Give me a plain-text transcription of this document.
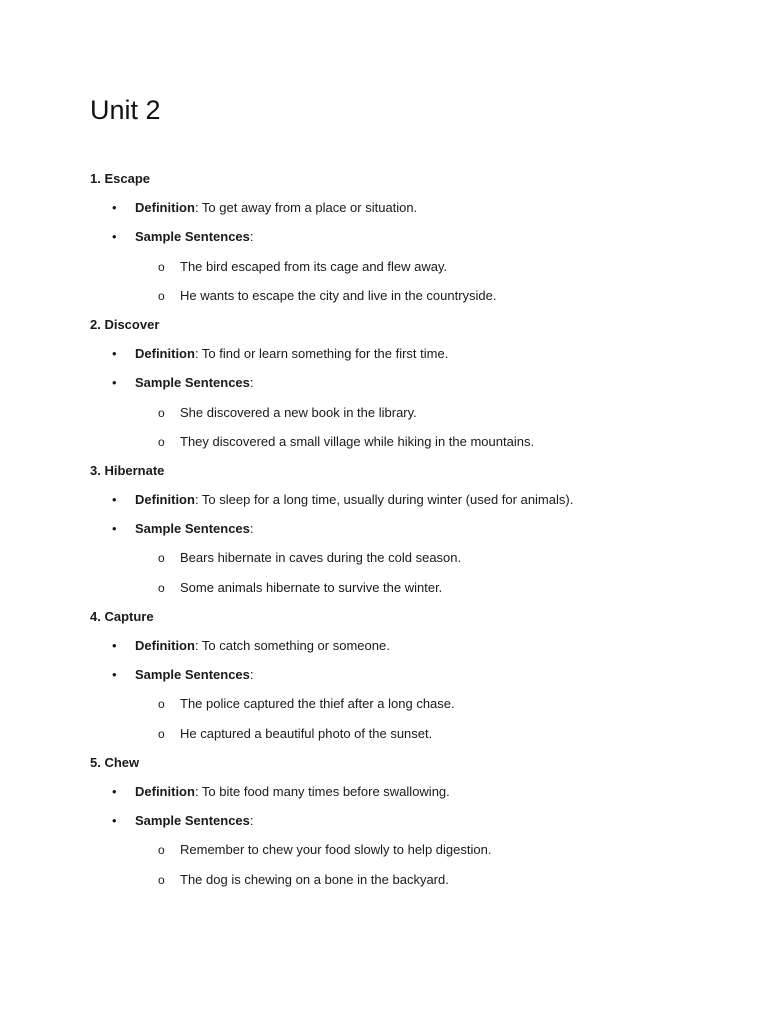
Unit 2
1. Escape
• Definition: To get away from a place or situation.
• Sample Sentences:
o The bird escaped from its cage and flew away.
o He wants to escape the city and live in the countryside.
2. Discover
• Definition: To find or learn something for the first time.
• Sample Sentences:
o She discovered a new book in the library.
o They discovered a small village while hiking in the mountains.
3. Hibernate
• Definition: To sleep for a long time, usually during winter (used for animals).
• Sample Sentences:
o Bears hibernate in caves during the cold season.
o Some animals hibernate to survive the winter.
4. Capture
• Definition: To catch something or someone.
• Sample Sentences:
o The police captured the thief after a long chase.
o He captured a beautiful photo of the sunset.
5. Chew
• Definition: To bite food many times before swallowing.
• Sample Sentences:
o Remember to chew your food slowly to help digestion.
o The dog is chewing on a bone in the backyard.
